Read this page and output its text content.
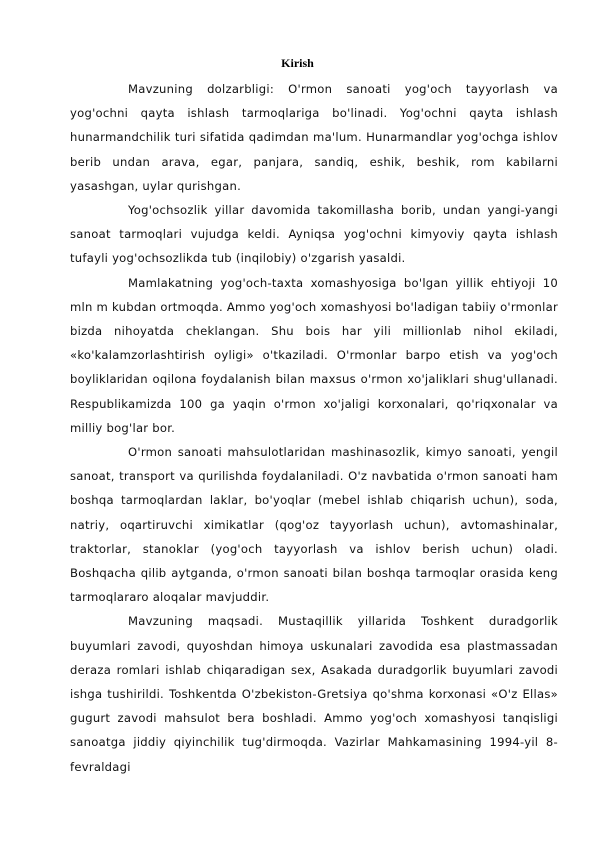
Kirish

Mavzuning dolzarbligi: O'rmon sanoati yog'och tayyorlash va yog'ochni qayta ishlash tarmoqlariga bo'linadi. Yog'ochni qayta ishlash hunarmandchilik turi sifatida qadimdan ma'lum. Hunarmandlar yog'ochga ishlov berib undan arava, egar, panjara, sandiq, eshik, beshik, rom kabilarni yasashgan, uylar qurishgan.

Yog'ochsozlik yillar davomida takomillasha borib, undan yangi-yangi sanoat tarmoqlari vujudga keldi. Ayniqsa yog'ochni kimyoviy qayta ishlash tufayli yog'ochsozlikda tub (inqilobiy) o'zgarish yasaldi.

Mamlakatning yog'och-taxta xomashyosiga bo'lgan yillik ehtiyoji 10 mln m kubdan ortmoqda. Ammo yog'och xomashyosi bo'ladigan tabiiy o'rmonlar bizda nihoyatda cheklangan. Shu bois har yili millionlab nihol ekiladi, «ko'kalamzorlashtirish oyligi» o'tkaziladi. O'rmonlar barpo etish va yog'och boyliklaridan oqilona foydalanish bilan maxsus o'rmon xo'jaliklari shug'ullanadi. Respublikamizda 100 ga yaqin o'rmon xo'jaligi korxonalari, qo'riqxonalar va milliy bog'lar bor.

O'rmon sanoati mahsulotlaridan mashinasozlik, kimyo sanoati, yengil sanoat, transport va qurilishda foydalaniladi. O'z navbatida o'rmon sanoati ham boshqa tarmoqlardan laklar, bo'yoqlar (mebel ishlab chiqarish uchun), soda, natriy, oqartiruvchi ximikatlar (qog'oz tayyorlash uchun), avtomashinalar, traktorlar, stanoklar (yog'och tayyorlash va ishlov berish uchun) oladi. Boshqacha qilib aytganda, o'rmon sanoati bilan boshqa tarmoqlar orasida keng tarmoqlararo aloqalar mavjuddir.

Mavzuning maqsadi. Mustaqillik yillarida Toshkent duradgorlik buyumlari zavodi, quyoshdan himoya uskunalari zavodida esa plastmassadan deraza romlari ishlab chiqaradigan sex, Asakada duradgorlik buyumlari zavodi ishga tushirildi. Toshkentda O'zbekiston-Gretsiya qo'shma korxonasi «O'z Ellas» gugurt zavodi mahsulot bera boshladi. Ammo yog'och xomashyosi tanqisligi sanoatga jiddiy qiyinchilik tug'dirmoqda. Vazirlar Mahkamasining 1994-yil 8-fevraldagi
